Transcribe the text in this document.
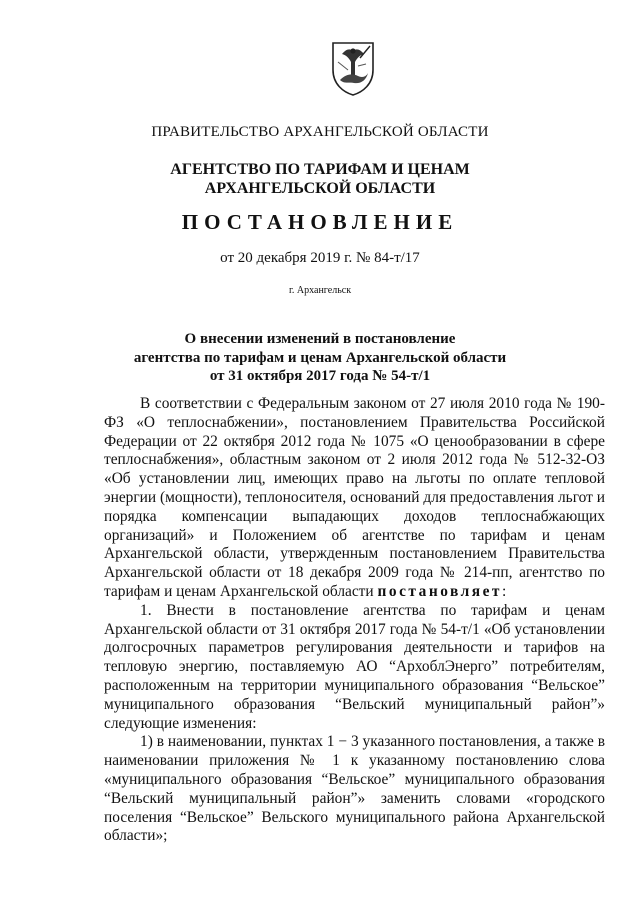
ПРАВИТЕЛЬСТВО АРХАНГЕЛЬСКОЙ ОБЛАСТИ
АГЕНТСТВО ПО ТАРИФАМ И ЦЕНАМ
АРХАНГЕЛЬСКОЙ ОБЛАСТИ
ПОСТАНОВЛЕНИЕ
от 20 декабря 2019 г. № 84-т/17
г. Архангельск
О внесении изменений в постановление
агентства по тарифам и ценам Архангельской области
от 31 октября 2017 года № 54-т/1

В соответствии с Федеральным законом от 27 июля 2010 года № 190-ФЗ «О теплоснабжении», постановлением Правительства Российской Федерации от 22 октября 2012 года № 1075 «О ценообразовании в сфере теплоснабжения», областным законом от 2 июля 2012 года № 512-32-ОЗ «Об установлении лиц, имеющих право на льготы по оплате тепловой энергии (мощности), теплоносителя, оснований для предоставления льгот и порядка компенсации выпадающих доходов теплоснабжающих организаций» и Положением об агентстве по тарифам и ценам Архангельской области, утвержденным постановлением Правительства Архангельской области от 18 декабря 2009 года № 214-пп, агентство по тарифам и ценам Архангельской области постановляет:

1. Внести в постановление агентства по тарифам и ценам Архангельской области от 31 октября 2017 года № 54-т/1 «Об установлении долгосрочных параметров регулирования деятельности и тарифов на тепловую энергию, поставляемую АО “АрхоблЭнерго” потребителям, расположенным на территории муниципального образования “Вельское” муниципального образования “Вельский муниципальный район”» следующие изменения:

1) в наименовании, пунктах 1 − 3 указанного постановления, а также в наименовании приложения № 1 к указанному постановлению слова «муниципального образования “Вельское” муниципального образования “Вельский муниципальный район”» заменить словами «городского поселения “Вельское” Вельского муниципального района Архангельской области»;
